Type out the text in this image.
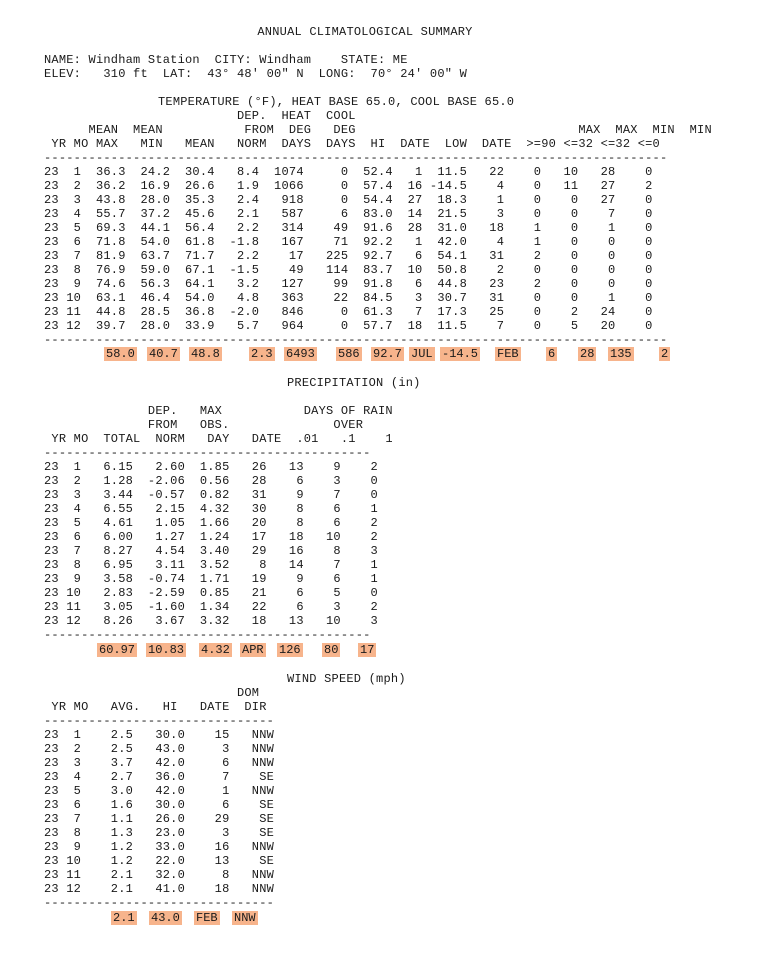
ANNUAL CLIMATOLOGICAL SUMMARY
NAME: Windham Station  CITY: Windham    STATE: ME
ELEV:   310 ft  LAT:  43° 48' 00" N  LONG:  70° 24' 00" W
TEMPERATURE (°F), HEAT BASE 65.0, COOL BASE 65.0
DEP.  HEAT  COOL
MEAN  MEAN           FROM  DEG   DEG                              MAX  MAX  MIN  MIN
YR MO MAX   MIN   MEAN   NORM  DAYS  DAYS  HI  DATE  LOW  DATE  >=90 <=32 <=32 <=0
------------------------------------------------------------------------------------
23  1  36.3  24.2  30.4   8.4  1074     0  52.4   1  11.5   22    0   10   28    0
23  2  36.2  16.9  26.6   1.9  1066     0  57.4  16 -14.5    4    0   11   27    2
23  3  43.8  28.0  35.3   2.4   918     0  54.4  27  18.3    1    0    0   27    0
23  4  55.7  37.2  45.6   2.1   587     6  83.0  14  21.5    3    0    0    7    0
23  5  69.3  44.1  56.4   2.2   314    49  91.6  28  31.0   18    1    0    1    0
23  6  71.8  54.0  61.8  -1.8   167    71  92.2   1  42.0    4    1    0    0    0
23  7  81.9  63.7  71.7   2.2    17   225  92.7   6  54.1   31    2    0    0    0
23  8  76.9  59.0  67.1  -1.5    49   114  83.7  10  50.8    2    0    0    0    0
23  9  74.6  56.3  64.1   3.2   127    99  91.8   6  44.8   23    2    0    0    0
23 10  63.1  46.4  54.0   4.8   363    22  84.5   3  30.7   31    0    0    1    0
23 11  44.8  28.5  36.8  -2.0   846     0  61.3   7  17.3   25    0    2   24    0
23 12  39.7  28.0  33.9   5.7   964     0  57.7  18  11.5    7    0    5   20    0
------------------------------------------------------------------------------------
58.0 40.7 48.8	2.3 6493 586 92.7 JUL -14.5 FEB 6 28 135 2
PRECIPITATION (in)
DEP.   MAX           DAYS OF RAIN
FROM   OBS.              OVER
YR MO  TOTAL  NORM   DAY   DATE  .01   .1    1
--------------------------------------------
23  1   6.15   2.60  1.85   26   13    9    2
23  2   1.28  -2.06  0.56   28    6    3    0
23  3   3.44  -0.57  0.82   31    9    7    0
23  4   6.55   2.15  4.32   30    8    6    1
23  5   4.61   1.05  1.66   20    8    6    2
23  6   6.00   1.27  1.24   17   18   10    2
23  7   8.27   4.54  3.40   29   16    8    3
23  8   6.95   3.11  3.52    8   14    7    1
23  9   3.58  -0.74  1.71   19    9    6    1
23 10   2.83  -2.59  0.85   21    6    5    0
23 11   3.05  -1.60  1.34   22    6    3    2
23 12   8.26   3.67  3.32   18   13   10    3
--------------------------------------------
60.97 10.83 4.32 APR 126 80 17
WIND SPEED (mph)
DOM
YR MO   AVG.   HI   DATE  DIR
-------------------------------
23  1    2.5   30.0    15   NNW
23  2    2.5   43.0     3   NNW
23  3    3.7   42.0     6   NNW
23  4    2.7   36.0     7    SE
23  5    3.0   42.0     1   NNW
23  6    1.6   30.0     6    SE
23  7    1.1   26.0    29    SE
23  8    1.3   23.0     3    SE
23  9    1.2   33.0    16   NNW
23 10    1.2   22.0    13    SE
23 11    2.1   32.0     8   NNW
23 12    2.1   41.0    18   NNW
-------------------------------
2.1 43.0 FEB NNW
